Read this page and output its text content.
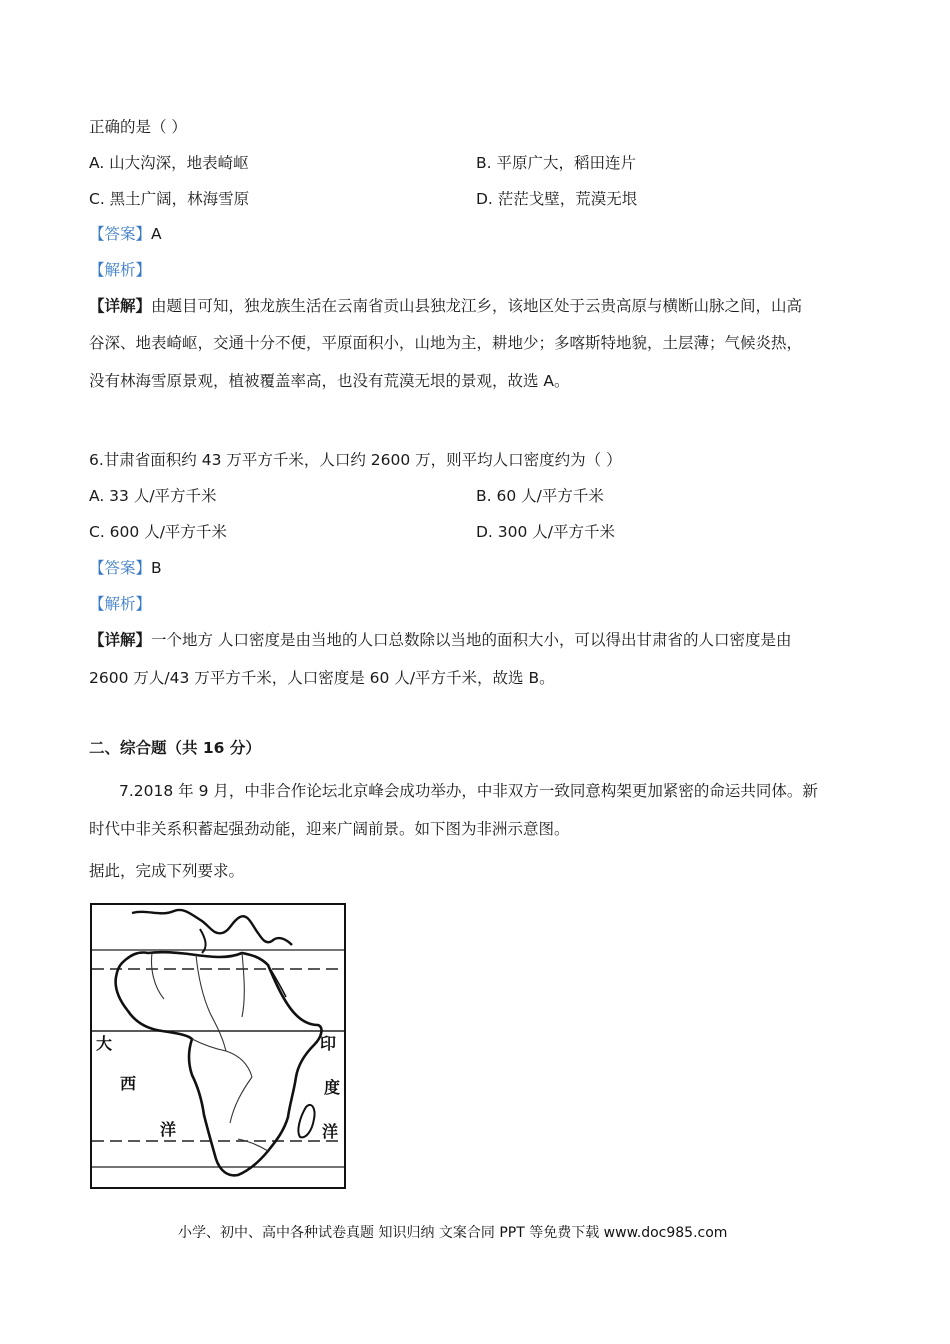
正确的是（ ）
A. 山大沟深，地表崎岖	B. 平原广大，稻田连片
C. 黑土广阔，林海雪原	D. 茫茫戈壁，荒漠无垠
【答案】A
【解析】
【详解】由题目可知，独龙族生活在云南省贡山县独龙江乡，该地区处于云贵高原与横断山脉之间，山高
谷深、地表崎岖，交通十分不便，平原面积小，山地为主，耕地少；多喀斯特地貌，土层薄；气候炎热，
没有林海雪原景观，植被覆盖率高，也没有荒漠无垠的景观，故选 A。
6.甘肃省面积约 43 万平方千米，人口约 2600 万，则平均人口密度约为（ ）
A. 33 人/平方千米	B. 60 人/平方千米
C. 600 人/平方千米	D. 300 人/平方千米
【答案】B
【解析】
【详解】一个地方 人口密度是由当地的人口总数除以当地的面积大小，可以得出甘肃省的人口密度是由
2600 万人/43 万平方千米，人口密度是 60 人/平方千米，故选 B。
二、综合题（共 16 分）
7.2018 年 9 月，中非合作论坛北京峰会成功举办，中非双方一致同意构架更加紧密的命运共同体。新
时代中非关系积蓄起强劲动能，迎来广阔前景。如下图为非洲示意图。
据此，完成下列要求。
大
西
洋
印
度
洋
小学、初中、高中各种试卷真题 知识归纳 文案合同 PPT 等免费下载 www.doc985.com
